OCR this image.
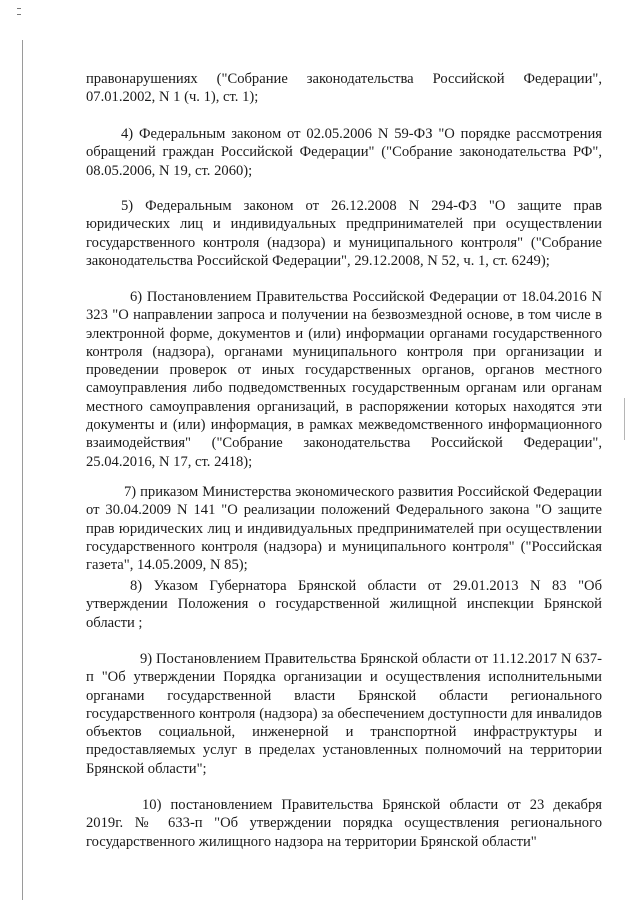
правонарушениях ("Собрание законодательства Российской Федерации", 07.01.2002, N 1 (ч. 1), ст. 1);
4) Федеральным законом от 02.05.2006 N 59-ФЗ "О порядке рассмотрения обращений граждан Российской Федерации" ("Собрание законодательства РФ", 08.05.2006, N 19, ст. 2060);
5) Федеральным законом от 26.12.2008 N 294-ФЗ "О защите прав юридических лиц и индивидуальных предпринимателей при осуществлении государственного контроля (надзора) и муниципального контроля" ("Собрание законодательства Российской Федерации", 29.12.2008, N 52, ч. 1, ст. 6249);
6) Постановлением Правительства Российской Федерации от 18.04.2016 N 323 "О направлении запроса и получении на безвозмездной основе, в том числе в электронной форме, документов и (или) информации органами государственного контроля (надзора), органами муниципального контроля при организации и проведении проверок от иных государственных органов, органов местного самоуправления либо подведомственных государственным органам или органам местного самоуправления организаций, в распоряжении которых находятся эти документы и (или) информация, в рамках межведомственного информационного взаимодействия" ("Собрание законодательства Российской Федерации", 25.04.2016, N 17, ст. 2418);
7) приказом Министерства экономического развития Российской Федерации от 30.04.2009 N 141 "О реализации положений Федерального закона "О защите прав юридических лиц и индивидуальных предпринимателей при осуществлении государственного контроля (надзора) и муниципального контроля" ("Российская газета", 14.05.2009, N 85);
8) Указом Губернатора Брянской области от 29.01.2013 N 83 "Об утверждении Положения о государственной жилищной инспекции Брянской области ;
9) Постановлением Правительства Брянской области от 11.12.2017 N 637-п "Об утверждении Порядка организации и осуществления исполнительными органами государственной власти Брянской области регионального государственного контроля (надзора) за обеспечением доступности для инвалидов объектов социальной, инженерной и транспортной инфраструктуры и предоставляемых услуг в пределах установленных полномочий на территории Брянской области";
10) постановлением Правительства Брянской области от 23 декабря 2019г. № 633-п "Об утверждении порядка осуществления регионального государственного жилищного надзора на территории Брянской области"
